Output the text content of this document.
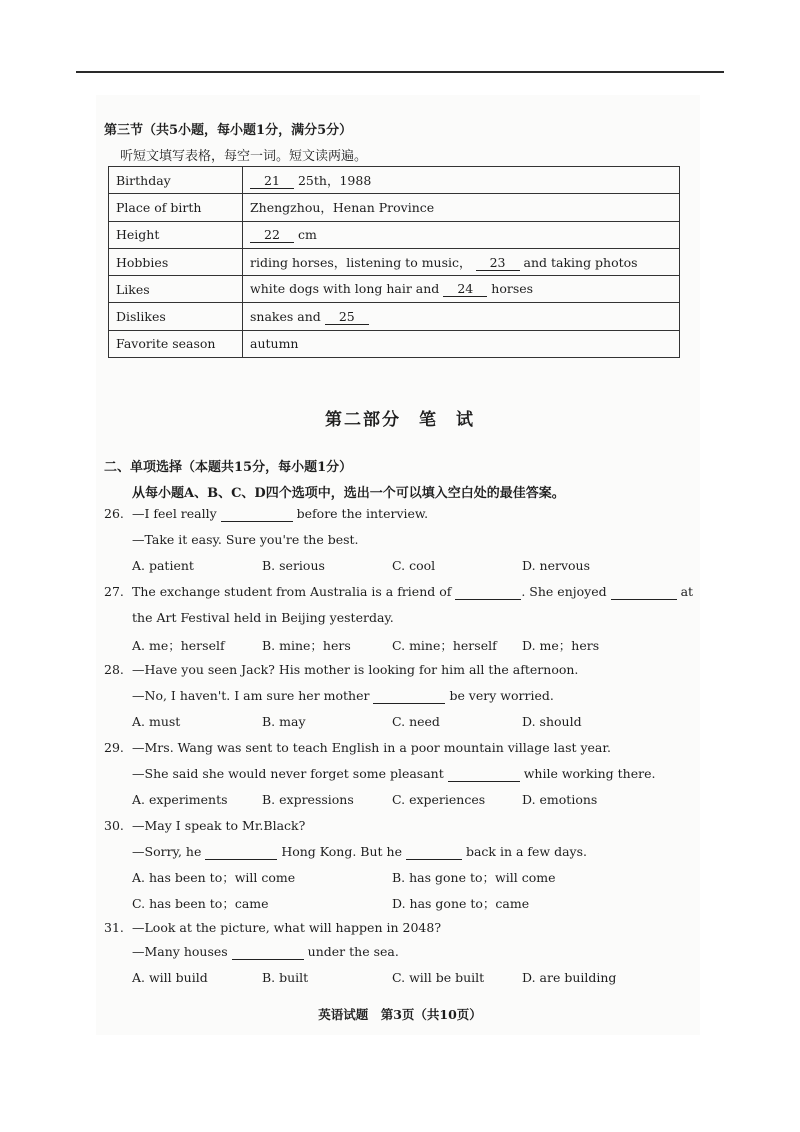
第三节（共5小题，每小题1分，满分5分）
听短文填写表格，每空一词。短文读两遍。
Birthday	21 25th，1988
Place of birth	Zhengzhou，Henan Province
Height	22 cm
Hobbies	riding horses，listening to music， 23 and taking photos
Likes	white dogs with long hair and 24 horses
Dislikes	snakes and 25
Favorite season	autumn
第二部分 笔 试
二、单项选择（本题共15分，每小题1分）
从每小题A、B、C、D四个选项中，选出一个可以填入空白处的最佳答案。
26. —I feel really	before the interview.
—Take it easy. Sure you're the best.
A. patient	B. serious	C. cool	D. nervous
27. The exchange student from Australia is a friend of	. She enjoyed	at
the Art Festival held in Beijing yesterday.
A. me；herself	B. mine；hers	C. mine；herself D. me；hers
28. —Have you seen Jack? His mother is looking for him all the afternoon.
—No, I haven't. I am sure her mother	be very worried.
A. must	B. may	C. need	D. should
29. —Mrs. Wang was sent to teach English in a poor mountain village last year.
—She said she would never forget some pleasant	while working there.
A. experiments	B. expressions	C. experiences	D. emotions
30. —May I speak to Mr.Black?
—Sorry, he	Hong Kong. But he	back in a few days.
A. has been to；will come	B. has gone to；will come
C. has been to；came	D. has gone to；came
31. —Look at the picture, what will happen in 2048?
—Many houses	under the sea.
A. will build	B. built	C. will be built	D. are building
英语试题　第3页（共10页）
